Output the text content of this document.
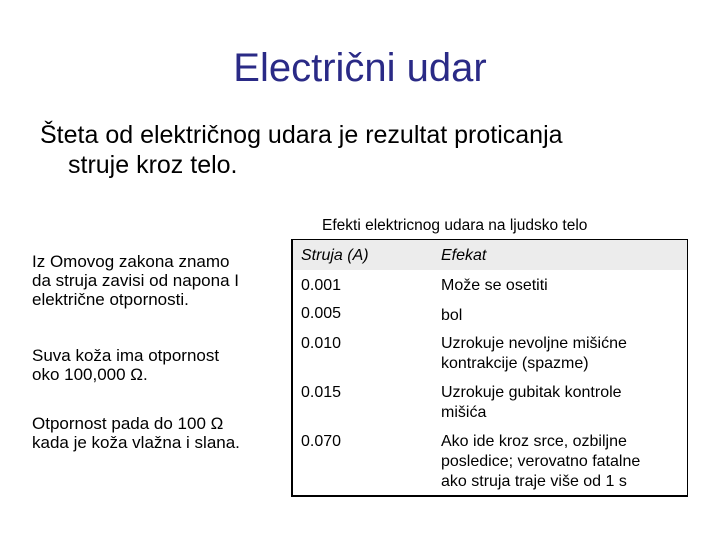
Electrični udar
Šteta od električnog udara je rezultat proticanja
struje kroz telo.
Iz Omovog zakona znamo
da struja zavisi od napona I
električne otpornosti.
Suva koža ima otpornost
oko 100,000 Ω.
Otpornost pada do 100 Ω
kada je koža vlažna i slana.
Efekti elektricnog udara na ljudsko telo
Struja (A)	Efekat
0.001	Može se osetiti
0.005	bol
0.010	Uzrokuje nevoljne mišićne
kontrakcije (spazme)
0.015	Uzrokuje gubitak kontrole
mišića
0.070	Ako ide kroz srce, ozbiljne
posledice; verovatno fatalne
ako struja traje više od 1 s
